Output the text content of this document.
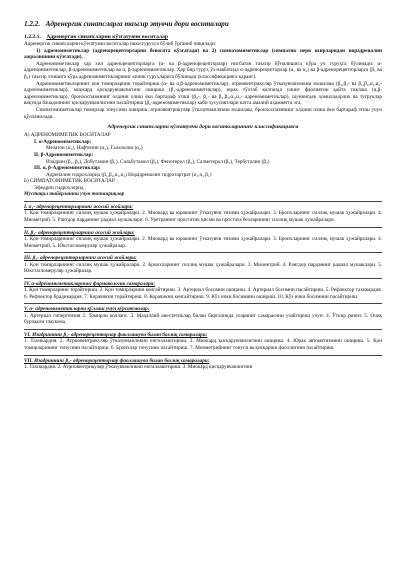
1.2.2. Адренергик синапсларга таъсир этувчи дори воситалари
1.2.2.1. Адренергик синапсларни кўзғатувчи воситалар

Адренергик синапсларни кўзғатувчи воситалар икки гуруҳга бўлиб ўрганиб чиқилади:

1) адреномиметиклар (адренорецепторларни бевосита кўзғатади) ва 2) симпатомиметиклар (симпатик нерв охирларидан норадреналин ажралишини кўзғатади).

Адреномиметиклар ҳар хил адренорецепторларга (α- ва β-адренорецепторлар) нисбатан таъсир йўналишига кўра уч гуруҳга бўлинади: α-адреномиметиклар, β-адреномиметиклар ва α, β-адреномиметиклар. Ҳар бир гуруҳ ўз навбатида α-адренорецепторлар (α₁ ва α₂) ва β-адренорецепторларга (β₁ ва β₂) таъсир этишига кўра адреномиметикларнинг кичик гуруҳларига бўлинади (классификацияга қаранг).

Адреномиметикларнинг кон томирларини торайтириш (α- ва α,β-адреномиметиклар), атриовентрикуляр ўтказувчанликни яхшилаш (β₁,β₂- ва β₁,β₂,α₁,α₂- адреномиметиклар), миокард қисқарувчанлигини ошириш (β₁-адреномиметиклар), юрак тўхтаб колганда унинг фаолиятни қайта тиклаш (α,β-адреномиметиклар), бронхоспазмнинг олдини олиш ёки бартараф этиш (β₂-, β₁- ва β₁,β₂,α₁,α₂- адреномиметиклар), шунингдек ҳомиладорлик ва тугруқлар вақтида бачадоннинг қисқарувчанлигини пасайтириш (β₂-адреномиметиклар) каби хусусиятлари катта амалий аҳамиятга эга.

Симпатомиметиклар томирлар тонусини ошириш, атриовентрикуляр ўтказувчанликни яхшилаш, бронхоспазмнинг олдини олиш ёки бартараф этиш учун қўлланилади.

Адренергик синапсларни кўзғатувчи дори воситаларининг классификацияси
А) АДРЕНОМИМЕТИК ВОСИТАЛАР
I. α-Адреномиметиклар:
Мезатон (α₁), Нафтизин (α₂), Галазолин (α₂)
II. β-Адреномиметиклар:
Изадрин (β₁, β₂), Добутамин (β₁), Сальбутамол (β₂), Фенотерол (β₂), Салметерол (β₂), Тербуталин (β₂)
III. α, β-Адреномиметиклар:
Адреналин гидрохлорид (β₁,β₂,α₁,α₂) Норадреналин гидротартрат (α₁,α₂ β₁)
Б) СИМПАТОМИМЕТИК ВОСИТАЛАР
Эфедрин гидрохлорид
Мустақил тайёрланиш учун топшириқлар
I. α₁- адренорецепторларнинг асосий жойлари:

1. Қон томирларининг силлиқ мушак ҳужайралари. 2. Миокард ва юракнинг ўтказувчи тизими ҳужайралари. 3. Бронхларнинг силлиқ мушак ҳужайралари. 4. Миометрий. 5. Рангдор пардaнинг радиал мушаклари. 6. Уретранинг простатик қисми ва простата безларининг силлиқ мушак ҳужайралари.

II. β₁- адренорецепторларнинг асосий жойлари:

1. Қон томирларининг силлиқ мушак ҳужайралари. 2. Миокард ва юракнинг ўтказувчи тизими ҳужайралари. 3. Бронхларнинг силлиқ мушак ҳужайралари. 4. Миометрий. 5. Юкстагломеруляр ҳужайралар.

III. β₂- адренорецепторларнинг асосий жойлари:

1. Қон томирларининг силлиқ мушак ҳужайралари. 2. Бронхларнинг силлиқ мушак ҳужайралари. 3. Миометрий. 4. Рангдор пардaнинг радиал мушаклари. 5. Юкстагломеруляр ҳужайралар.

IV. α-адреномиметикларнинг фармакологик самаралари:

1. Қон томирларини торайтириш. 2. Қон томирларини кенгайтириш. 3. Артериал босимни ошириш. 4. Артериал босимни пасайтириш. 5. Рефлектор тахикардия. 6. Рефлектор брадикардия. 7. Корачикни торайтириш. 8. Корачикни кенгайтириш. 9. Кўз ички босимини ошириш. 10. Кўз ички босимини пасайтириш.

V. α- адреномиметикларни қўллаш учун кўрсатмалар:

1. Артериал гипертензия 2. Томирли коллапс. 3. Маҳаллий анестетиклар билан биргаликда уларнинг самарасини узайтириш учун. 4. Ўткир ринит. 5. Очиқ бурчакли глаукома.

VI. Изадриннинг β₁- адренорецепторлар фаоллашуви билан боғлиқ самаралари:

1. Тахикардия. 2. Атриовентрикуляр ўтказувчанликни енгиллаштириш. 3. Миокард қисқарувчанлигини ошириш. 4. Юрак автоматизмини ошириш. 5. Қон томирларининг тонусини пасайтириш. 6. Бронхлар тонусини пасайтириш. 7. Миометрийнинг тонуси ва қисқариш фаоллигини пасайтириш.

VII. Изадриннинг β₂- адренорецепторлар фаоллашуви билан боғлиқ самаралари:

1. Тахикардия. 2. Атриовентрикуляр ўтказувчанликни енгиллаштириш. 3. Миокард қисқарувчанлигини
